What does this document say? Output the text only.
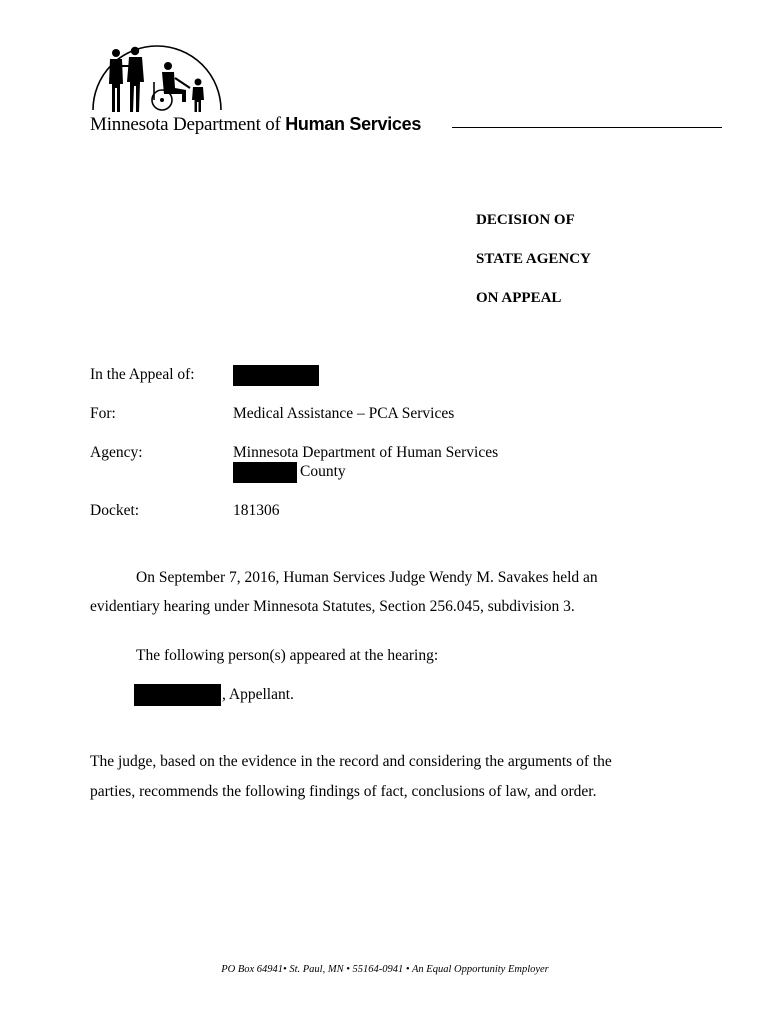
Minnesota Department of Human Services
DECISION OF
STATE AGENCY
ON APPEAL
In the Appeal of:
For:	Medical Assistance – PCA Services
Agency:	Minnesota Department of Human Services
County
Docket:	181306
On September 7, 2016, Human Services Judge Wendy M. Savakes held an
evidentiary hearing under Minnesota Statutes, Section 256.045, subdivision 3.
The following person(s) appeared at the hearing:
, Appellant.
The judge, based on the evidence in the record and considering the arguments of the
parties, recommends the following findings of fact, conclusions of law, and order.
PO Box 64941• St. Paul, MN • 55164-0941 • An Equal Opportunity Employer
